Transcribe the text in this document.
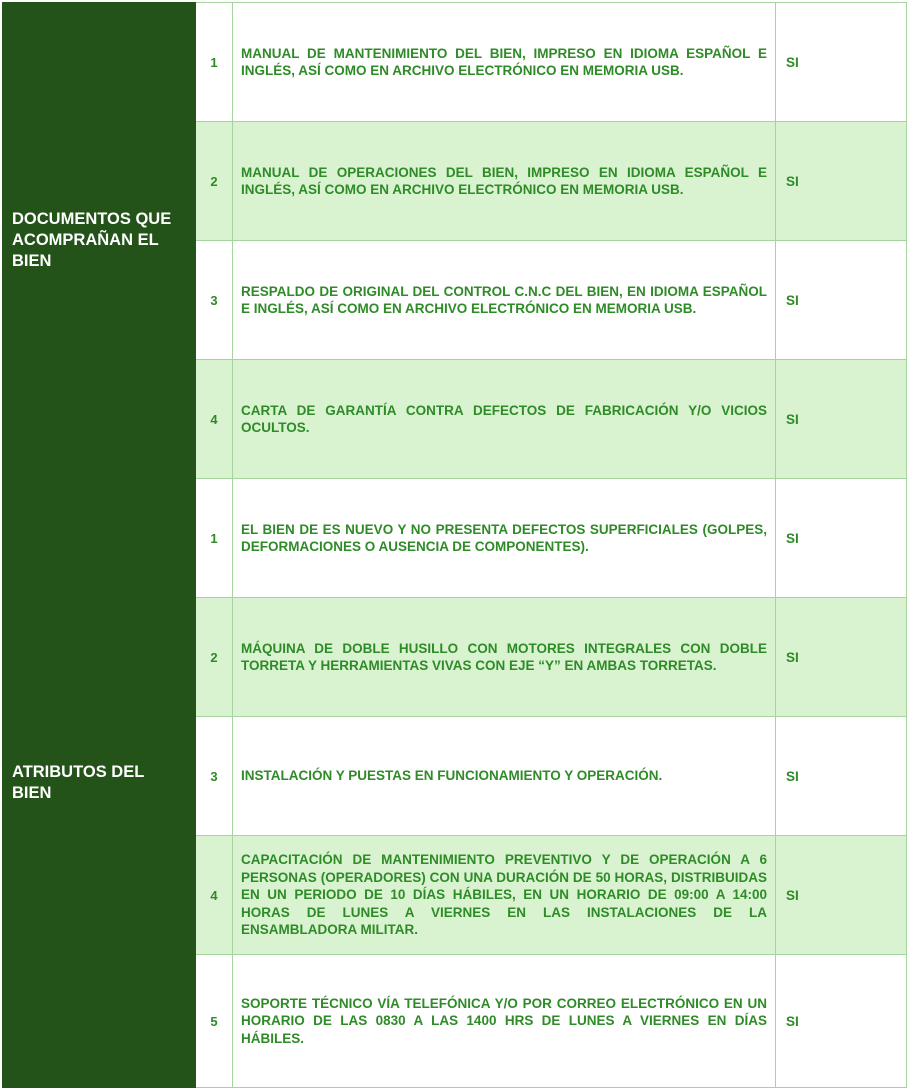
DOCUMENTOS QUE ACOMPRAÑAN EL BIEN	1	MANUAL DE MANTENIMIENTO DEL BIEN, IMPRESO EN IDIOMA ESPAÑOL E INGLÉS, ASÍ COMO EN ARCHIVO ELECTRÓNICO EN MEMORIA USB.	SI
	2	MANUAL DE OPERACIONES DEL BIEN, IMPRESO EN IDIOMA ESPAÑOL E INGLÉS, ASÍ COMO EN ARCHIVO ELECTRÓNICO EN MEMORIA USB.	SI
	3	RESPALDO DE ORIGINAL DEL CONTROL C.N.C DEL BIEN, EN IDIOMA ESPAÑOL E INGLÉS, ASÍ COMO EN ARCHIVO ELECTRÓNICO EN MEMORIA USB.	SI
	4	CARTA DE GARANTÍA CONTRA DEFECTOS DE FABRICACIÓN Y/O VICIOS OCULTOS.	SI
ATRIBUTOS DEL BIEN	1	EL BIEN DE ES NUEVO Y NO PRESENTA DEFECTOS SUPERFICIALES (GOLPES, DEFORMACIONES O AUSENCIA DE COMPONENTES).	SI
	2	MÁQUINA DE DOBLE HUSILLO CON MOTORES INTEGRALES CON DOBLE TORRETA Y HERRAMIENTAS VIVAS CON EJE “Y” EN AMBAS TORRETAS.	SI
	3	INSTALACIÓN Y PUESTAS EN FUNCIONAMIENTO Y OPERACIÓN.	SI
	4	CAPACITACIÓN DE MANTENIMIENTO PREVENTIVO Y DE OPERACIÓN A 6 PERSONAS (OPERADORES) CON UNA DURACIÓN DE 50 HORAS, DISTRIBUIDAS EN UN PERIODO DE 10 DÍAS HÁBILES, EN UN HORARIO DE 09:00 A 14:00 HORAS DE LUNES A VIERNES EN LAS INSTALACIONES DE LA ENSAMBLADORA MILITAR.	SI
	5	SOPORTE TÉCNICO VÍA TELEFÓNICA Y/O POR CORREO ELECTRÓNICO EN UN HORARIO DE LAS 0830 A LAS 1400 HRS DE LUNES A VIERNES EN DÍAS HÁBILES.	SI
